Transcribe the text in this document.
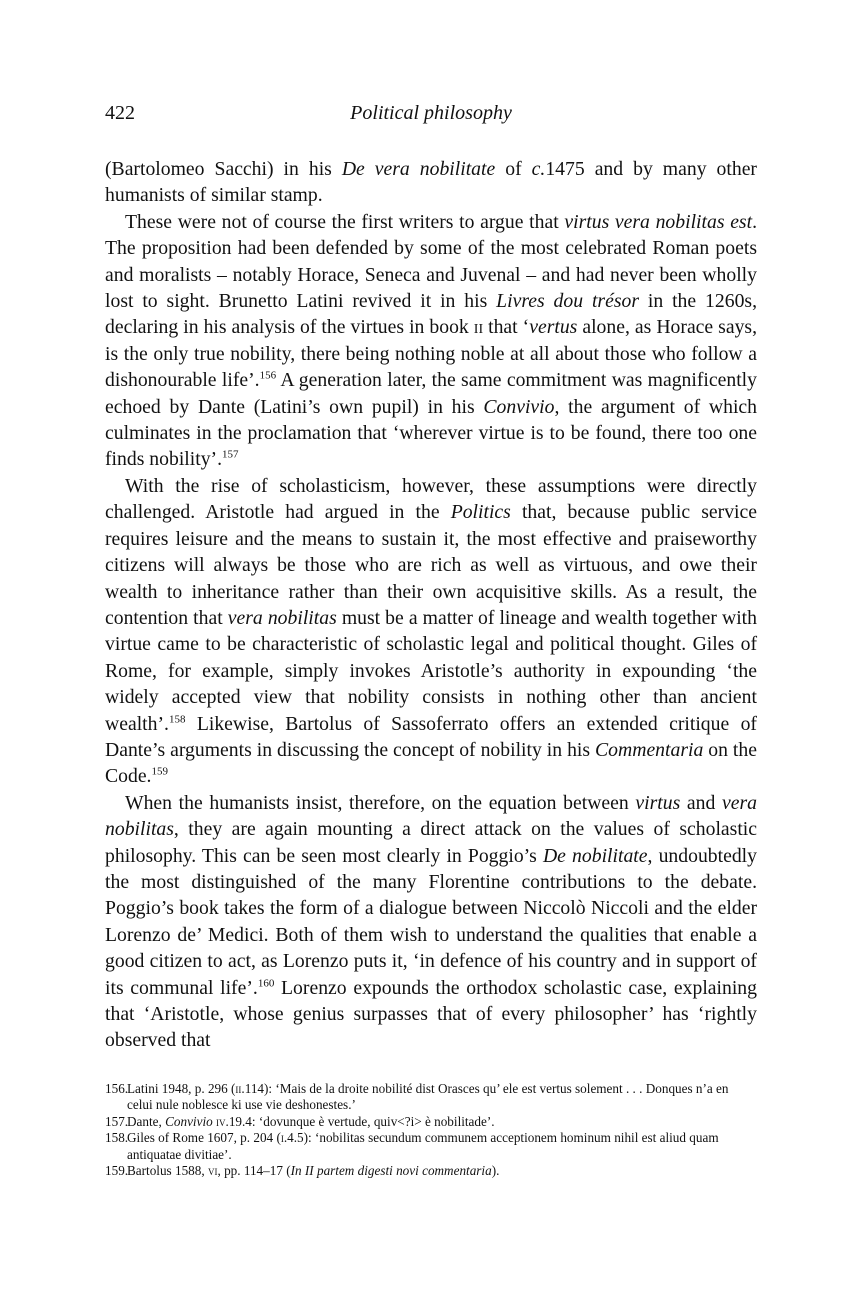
422	Political philosophy

(Bartolomeo Sacchi) in his De vera nobilitate of c.1475 and by many other humanists of similar stamp.

These were not of course the first writers to argue that virtus vera nobilitas est. The proposition had been defended by some of the most celebrated Roman poets and moralists – notably Horace, Seneca and Juvenal – and had never been wholly lost to sight. Brunetto Latini revived it in his Livres dou trésor in the 1260s, declaring in his analysis of the virtues in book ii that ‘vertus alone, as Horace says, is the only true nobility, there being nothing noble at all about those who follow a dishonourable life’.$^{156}$ A generation later, the same commitment was magnificently echoed by Dante (Latini’s own pupil) in his Convivio, the argument of which culminates in the proclamation that ‘wherever virtue is to be found, there too one finds nobility’.$^{157}$

With the rise of scholasticism, however, these assumptions were directly challenged. Aristotle had argued in the Politics that, because public service requires leisure and the means to sustain it, the most effective and praiseworthy citizens will always be those who are rich as well as virtuous, and owe their wealth to inheritance rather than their own acquisitive skills. As a result, the contention that vera nobilitas must be a matter of lineage and wealth together with virtue came to be characteristic of scholastic legal and political thought. Giles of Rome, for example, simply invokes Aristotle’s authority in expounding ‘the widely accepted view that nobility consists in nothing other than ancient wealth’.$^{158}$ Likewise, Bartolus of Sassoferrato offers an extended critique of Dante’s arguments in discussing the concept of nobility in his Commentaria on the Code.$^{159}$

When the humanists insist, therefore, on the equation between virtus and vera nobilitas, they are again mounting a direct attack on the values of scholastic philosophy. This can be seen most clearly in Poggio’s De nobilitate, undoubtedly the most distinguished of the many Florentine contributions to the debate. Poggio’s book takes the form of a dialogue between Niccolò Niccoli and the elder Lorenzo de’ Medici. Both of them wish to understand the qualities that enable a good citizen to act, as Lorenzo puts it, ‘in defence of his country and in support of its communal life’.$^{160}$ Lorenzo expounds the orthodox scholastic case, explaining that ‘Aristotle, whose genius surpasses that of every philosopher’ has ‘rightly observed that

156.
Latini 1948, p. 296 (ii.114): ‘Mais de la droite nobilité dist Orasces qu’ ele est vertus solement . . . Donques n’a en celui nule noblesce ki use vie deshonestes.’
157.
Dante, Convivio iv.19.4: ‘dovunque è vertude, quiv<?i> è nobilitade’.
158.
Giles of Rome 1607, p. 204 (i.4.5): ‘nobilitas secundum communem acceptionem hominum nihil est aliud quam antiquatae divitiae’.
159.
Bartolus 1588, vi, pp. 114–17 (In II partem digesti novi commentaria).
